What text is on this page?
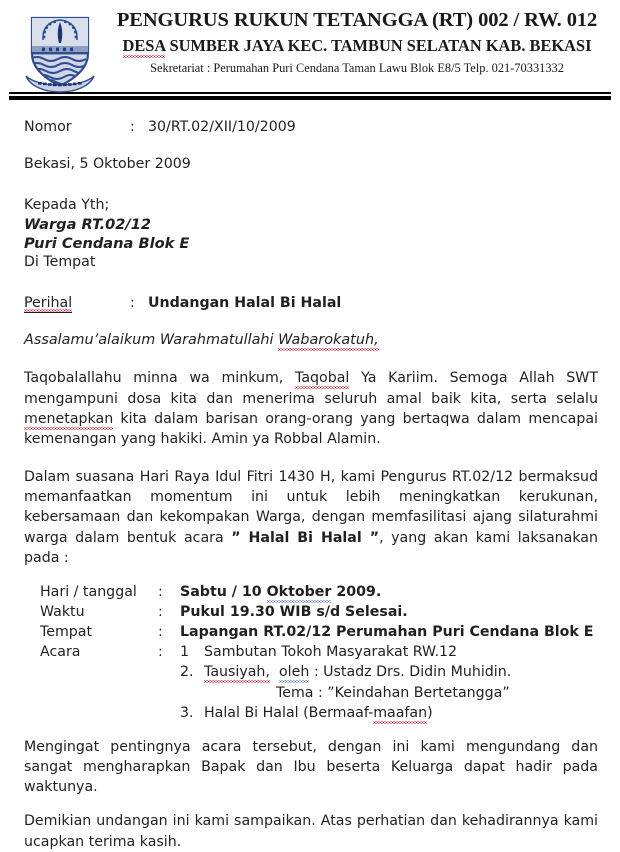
PENGURUS RUKUN TETANGGA (RT) 002 / RW. 012
DESA SUMBER JAYA KEC. TAMBUN SELATAN KAB. BEKASI
Sekretariat : Perumahan Puri Cendana Taman Lawu Blok E8/5 Telp. 021-70331332
Nomor	: 30/RT.02/XII/10/2009
Bekasi, 5 Oktober 2009
Kepada Yth;
Warga RT.02/12
Puri Cendana Blok E
Di Tempat
Perihal	: Undangan Halal Bi Halal
Assalamu’alaikum Warahmatullahi Wabarokatuh,
Taqobalallahu minna wa minkum, Taqobal Ya Kariim. Semoga Allah SWT mengampuni dosa kita dan menerima seluruh amal baik kita, serta selalu menetapkan kita dalam barisan orang-orang yang bertaqwa dalam mencapai kemenangan yang hakiki. Amin ya Robbal Alamin.
Dalam suasana Hari Raya Idul Fitri 1430 H, kami Pengurus RT.02/12 bermaksud memanfaatkan momentum ini untuk lebih meningkatkan kerukunan, kebersamaan dan kekompakan Warga, dengan memfasilitasi ajang silaturahmi warga dalam bentuk acara ” Halal Bi Halal ”, yang akan kami laksanakan pada :
Hari / tanggal	:	Sabtu / 10 Oktober 2009.
Waktu	:	Pukul 19.30 WIB s/d Selesai.
Tempat	:	Lapangan RT.02/12 Perumahan Puri Cendana Blok E
Acara	:	1 Sambutan Tokoh Masyarakat RW.12
2. Tausiyah, oleh : Ustadz Drs. Didin Muhidin.
Tema : ”Keindahan Bertetangga”
3. Halal Bi Halal (Bermaaf-maafan)
Mengingat pentingnya acara tersebut, dengan ini kami mengundang dan sangat mengharapkan Bapak dan Ibu beserta Keluarga dapat hadir pada waktunya.
Demikian undangan ini kami sampaikan. Atas perhatian dan kehadirannya kami ucapkan terima kasih.
